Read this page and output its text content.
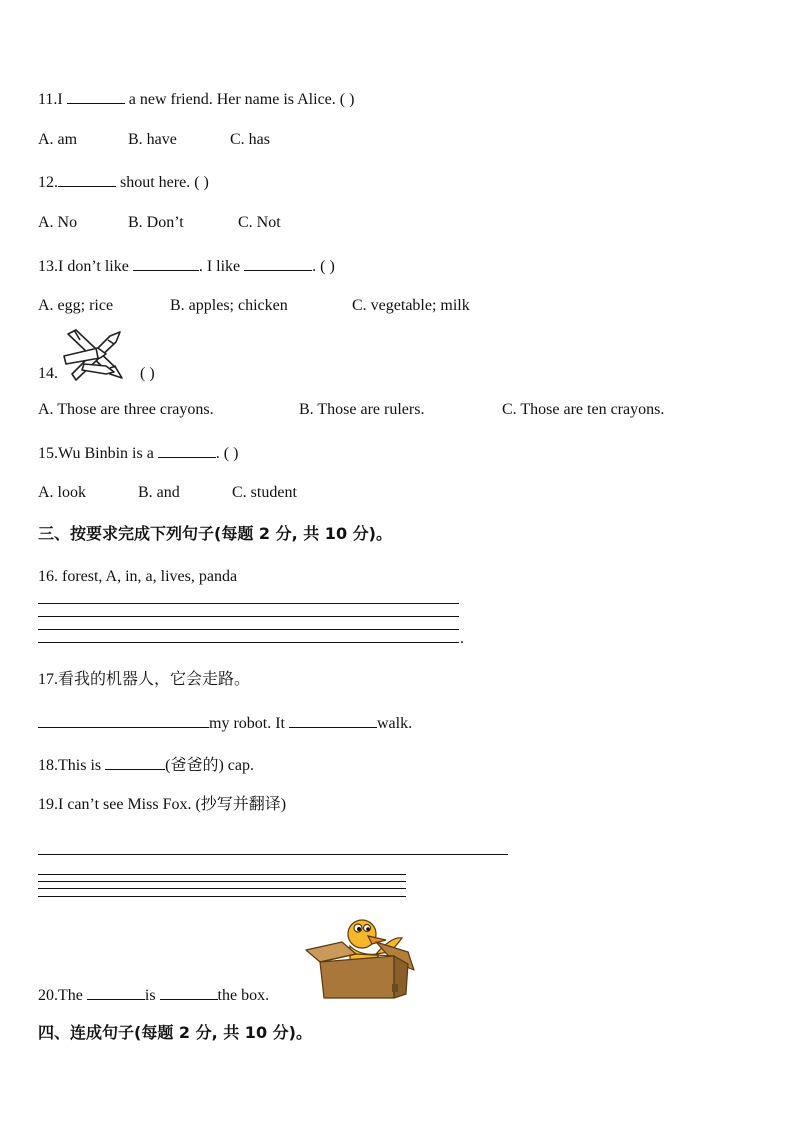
11.I	a new friend. Her name is Alice. ( )
A. am	B. have	C. has
12.	shout here. ( )
A. No	B. Don’t	C. Not
13.I don’t like	. I like	. ( )
A. egg; rice	B. apples; chicken	C. vegetable; milk
14.	( )
A. Those are three crayons.	B. Those are rulers.	C. Those are ten crayons.
15.Wu Binbin is a	. ( )
A. look	B. and	C. student
三、按要求完成下列句子(每题 2 分, 共 10 分)。
16. forest, A, in, a, lives, panda
.
17.看我的机器人，它会走路。
my robot. It	walk.
18.This is	(爸爸的) cap.
19.I can’t see Miss Fox. (抄写并翻译)
20.The	is	the box.
四、连成句子(每题 2 分, 共 10 分)。
